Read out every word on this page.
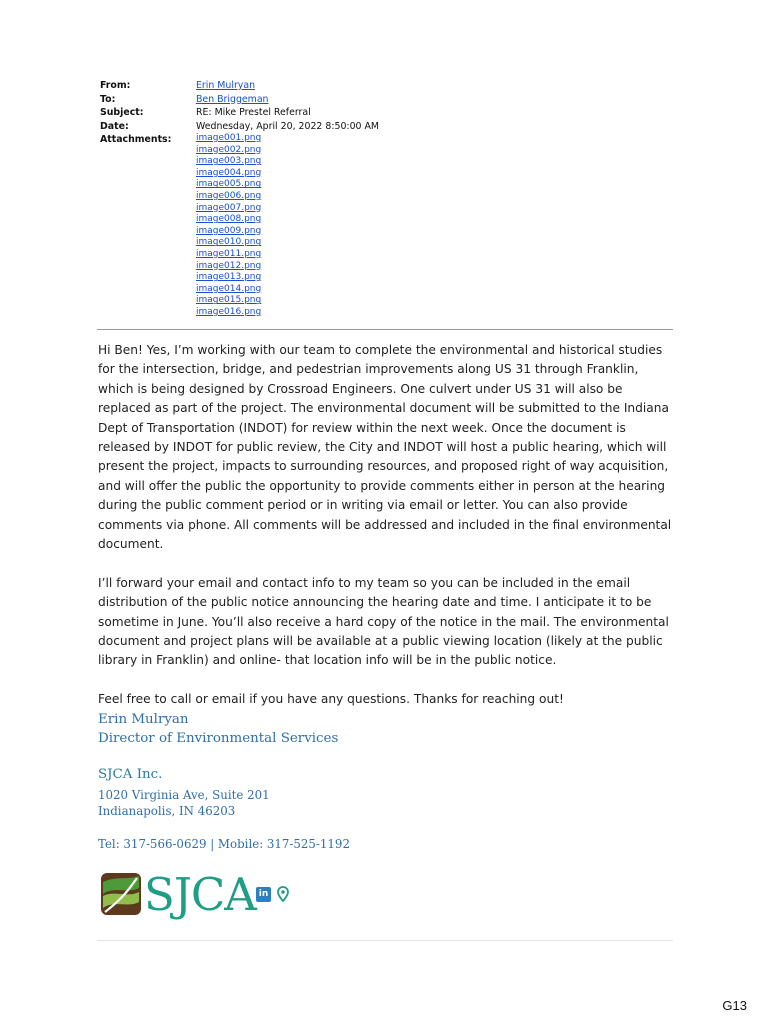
From:	Erin Mulryan
To:	Ben Briggeman
Subject:	RE: Mike Prestel Referral
Date:	Wednesday, April 20, 2022 8:50:00 AM
Attachments:	image001.png
image002.png
image003.png
image004.png
image005.png
image006.png
image007.png
image008.png
image009.png
image010.png
image011.png
image012.png
image013.png
image014.png
image015.png
image016.png

Hi Ben! Yes, I’m working with our team to complete the environmental and historical studies for the intersection, bridge, and pedestrian improvements along US 31 through Franklin, which is being designed by Crossroad Engineers. One culvert under US 31 will also be replaced as part of the project. The environmental document will be submitted to the Indiana Dept of Transportation (INDOT) for review within the next week. Once the document is released by INDOT for public review, the City and INDOT will host a public hearing, which will present the project, impacts to surrounding resources, and proposed right of way acquisition, and will offer the public the opportunity to provide comments either in person at the hearing during the public comment period or in writing via email or letter. You can also provide comments via phone. All comments will be addressed and included in the final environmental document.

I’ll forward your email and contact info to my team so you can be included in the email distribution of the public notice announcing the hearing date and time. I anticipate it to be sometime in June. You’ll also receive a hard copy of the notice in the mail. The environmental document and project plans will be available at a public viewing location (likely at the public library in Franklin) and online- that location info will be in the public notice.

Feel free to call or email if you have any questions. Thanks for reaching out!

Erin Mulryan
Director of Environmental Services
SJCA Inc.
1020 Virginia Ave, Suite 201
Indianapolis, IN 46203
Tel: 317-566-0629 | Mobile: 317-525-1192
SJCA in
G13
